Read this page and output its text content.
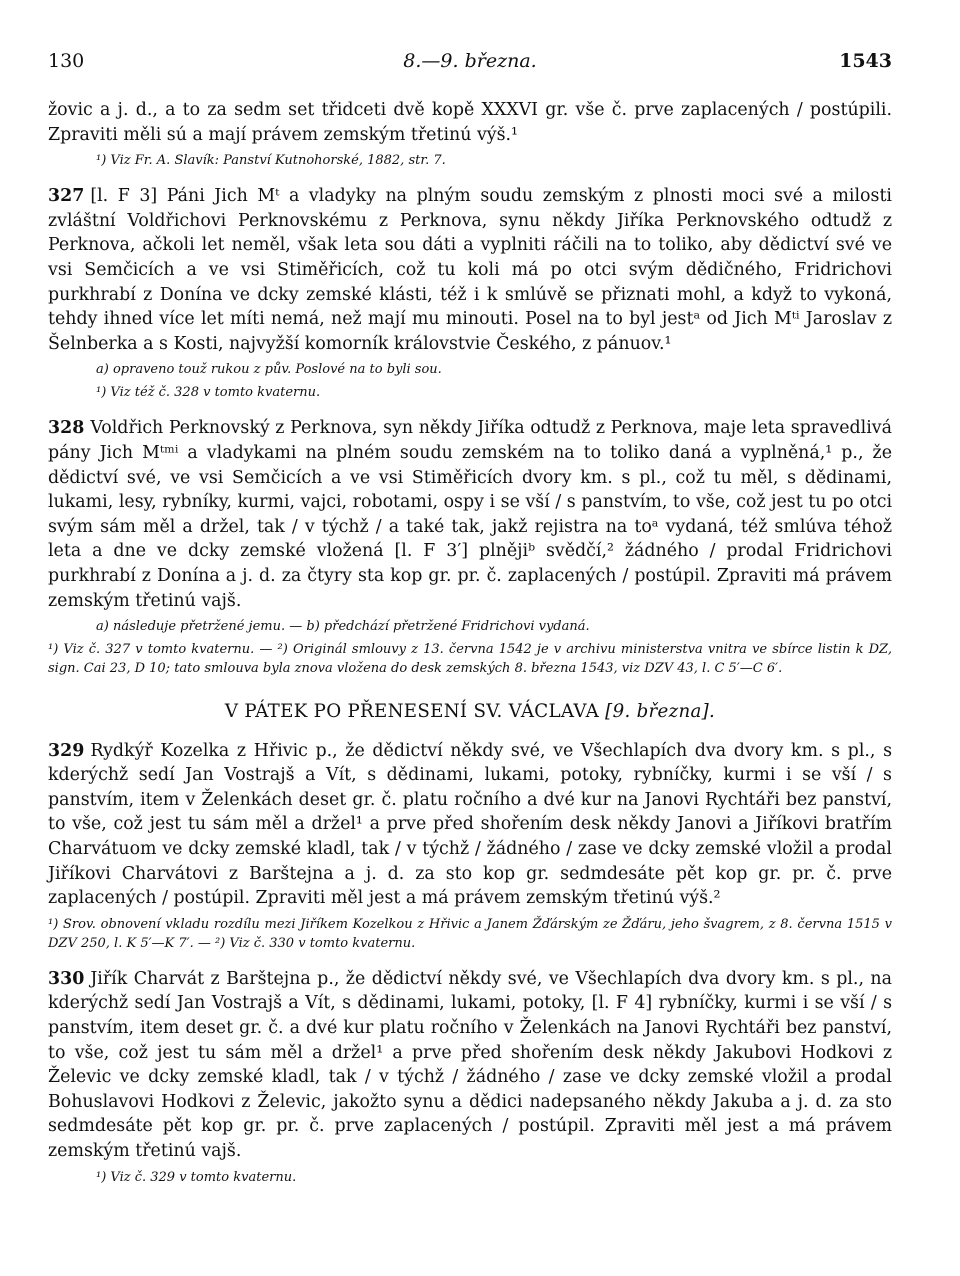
130	8.—9. března.	1543

žovic a j. d., a to za sedm set třidceti dvě kopě XXXVI gr. vše č. prve zaplacených / postúpili. Zpraviti měli sú a mají právem zemským třetinú výš.¹

¹) Viz Fr. A. Slavík: Panství Kutnohorské, 1882, str. 7.

327 [l. F 3] Páni Jich Mᵗ a vladyky na plným soudu zemským z plnosti moci své a milosti zvláštní Voldřichovi Perknovskému z Perknova, synu někdy Jiříka Perknovského odtudž z Perknova, ačkoli let neměl, však leta sou dáti a vyplniti ráčili na to toliko, aby dědictví své ve vsi Semčicích a ve vsi Stiměřicích, což tu koli má po otci svým dědičného, Fridrichovi purkhrabí z Donína ve dcky zemské klásti, též i k smlúvě se přiznati mohl, a když to vykoná, tehdy ihned více let míti nemá, než mají mu minouti. Posel na to byl jestᵃ od Jich Mᵗⁱ Jaroslav z Šelnberka a s Kosti, najvyžší komorník královstvie Českého, z pánuov.¹

a) opraveno touž rukou z pův. Poslové na to byli sou.

¹) Viz též č. 328 v tomto kvaternu.

328 Voldřich Perknovský z Perknova, syn někdy Jiříka odtudž z Perknova, maje leta spravedlivá pány Jich Mᵗᵐⁱ a vladykami na plném soudu zemském na to toliko daná a vyplněná,¹ p., že dědictví své, ve vsi Semčicích a ve vsi Stiměřicích dvory km. s pl., což tu měl, s dědinami, lukami, lesy, rybníky, kurmi, vajci, robotami, ospy i se vší / s panstvím, to vše, což jest tu po otci svým sám měl a držel, tak / v týchž / a také tak, jakž rejistra na toᵃ vydaná, též smlúva téhož leta a dne ve dcky zemské vložená [l. F 3′] plnějiᵇ svědčí,² žádného / prodal Fridrichovi purkhrabí z Donína a j. d. za čtyry sta kop gr. pr. č. zaplacených / postúpil. Zpraviti má právem zemským třetinú vajš.

a) následuje přetržené jemu. — b) předchází přetržené Fridrichovi vydaná.

¹) Viz č. 327 v tomto kvaternu. — ²) Originál smlouvy z 13. června 1542 je v archivu ministerstva vnitra ve sbírce listin k DZ, sign. Cai 23, D 10; tato smlouva byla znova vložena do desk zemských 8. března 1543, viz DZV 43, l. C 5′—C 6′.

V PÁTEK PO PŘENESENÍ SV. VÁCLAVA [9. března].

329 Rydkýř Kozelka z Hřivic p., že dědictví někdy své, ve Všechlapích dva dvory km. s pl., s kderýchž sedí Jan Vostrajš a Vít, s dědinami, lukami, potoky, rybníčky, kurmi i se vší / s panstvím, item v Želenkách deset gr. č. platu ročního a dvé kur na Janovi Rychtáři bez panství, to vše, což jest tu sám měl a držel¹ a prve před shořením desk někdy Janovi a Jiříkovi bratřím Charvátuom ve dcky zemské kladl, tak / v týchž / žádného / zase ve dcky zemské vložil a prodal Jiříkovi Charvátovi z Barštejna a j. d. za sto kop gr. sedmdesáte pět kop gr. pr. č. prve zaplacených / postúpil. Zpraviti měl jest a má právem zemským třetinú výš.²

¹) Srov. obnovení vkladu rozdílu mezi Jiříkem Kozelkou z Hřivic a Janem Žďárským ze Žďáru, jeho švagrem, z 8. června 1515 v DZV 250, l. K 5′—K 7′. — ²) Viz č. 330 v tomto kvaternu.

330 Jiřík Charvát z Barštejna p., že dědictví někdy své, ve Všechlapích dva dvory km. s pl., na kderýchž sedí Jan Vostrajš a Vít, s dědinami, lukami, potoky, [l. F 4] rybníčky, kurmi i se vší / s panstvím, item deset gr. č. a dvé kur platu ročního v Želenkách na Janovi Rychtáři bez panství, to vše, což jest tu sám měl a držel¹ a prve před shořením desk někdy Jakubovi Hodkovi z Želevic ve dcky zemské kladl, tak / v týchž / žádného / zase ve dcky zemské vložil a prodal Bohuslavovi Hodkovi z Želevic, jakožto synu a dědici nadepsaného někdy Jakuba a j. d. za sto sedmdesáte pět kop gr. pr. č. prve zaplacených / postúpil. Zpraviti měl jest a má právem zemským třetinú vajš.

¹) Viz č. 329 v tomto kvaternu.
